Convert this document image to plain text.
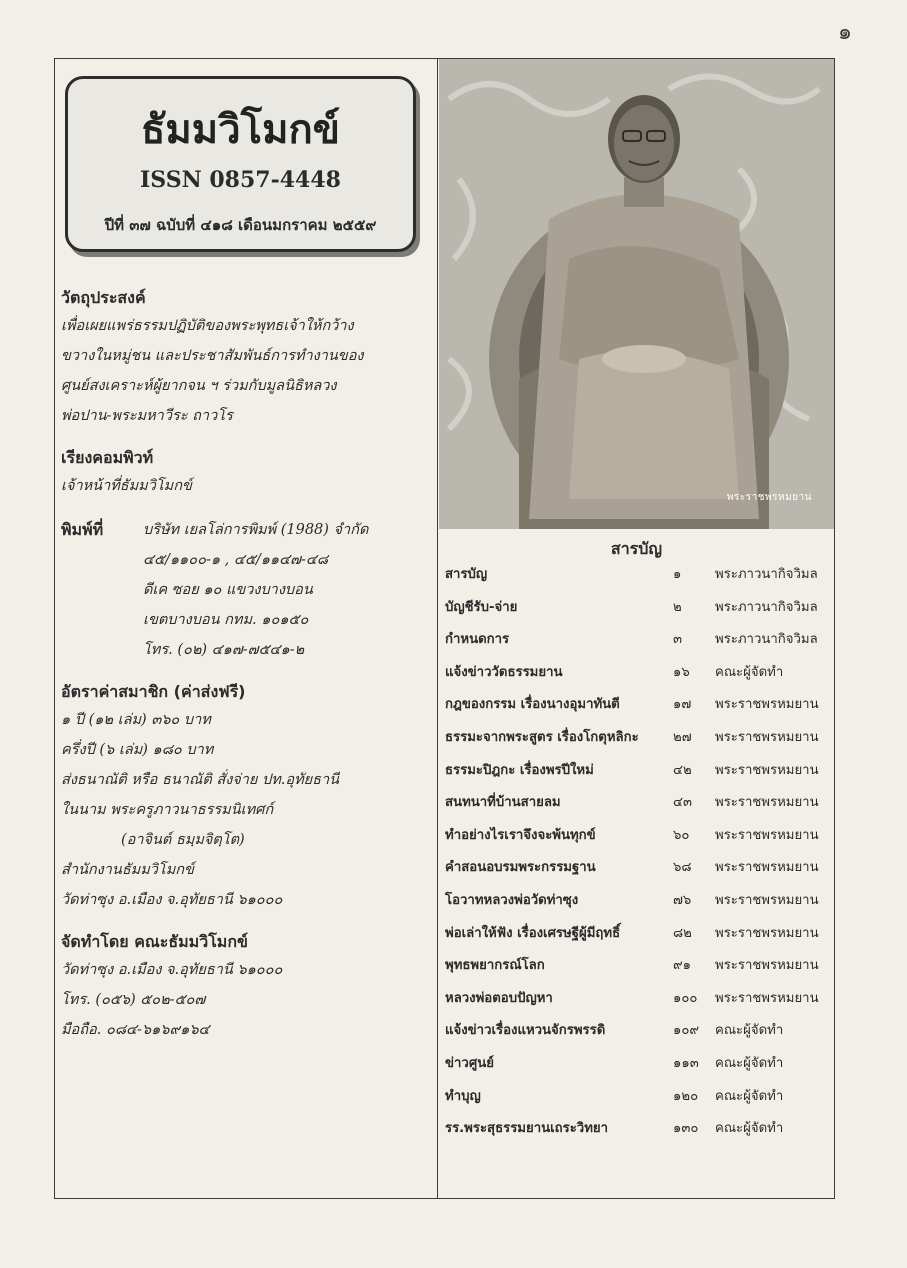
๑
ธัมมวิโมกข์
ISSN 0857-4448
ปีที่ ๓๗ ฉบับที่ ๔๑๘ เดือนมกราคม ๒๕๕๙

วัตถุประสงค์

เพื่อเผยแพร่ธรรมปฏิบัติของพระพุทธเจ้าให้กว้าง

ขวางในหมู่ชน และประชาสัมพันธ์การทำงานของ

ศูนย์สงเคราะห์ผู้ยากจน ฯ ร่วมกับมูลนิธิหลวง

พ่อปาน-พระมหาวีระ ถาวโร

เรียงคอมพิวท์

เจ้าหน้าที่ธัมมวิโมกข์

พิมพ์ที่	บริษัท เยลโล่การพิมพ์ (1988) จำกัด

๔๕/๑๑๐๐-๑ , ๔๕/๑๑๔๗-๔๘

ดีเค ซอย ๑๐ แขวงบางบอน

เขตบางบอน กทม. ๑๐๑๕๐

โทร. (๐๒) ๔๑๗-๗๕๔๑-๒

อัตราค่าสมาชิก (ค่าส่งฟรี)

๑ ปี (๑๒ เล่ม) ๓๖๐ บาท

ครึ่งปี (๖ เล่ม) ๑๘๐ บาท

ส่งธนาณัติ หรือ ธนาณัติ สั่งจ่าย ปท.อุทัยธานี

ในนาม พระครูภาวนาธรรมนิเทศก์

(อาจินต์ ธมฺมจิตฺโต)

สำนักงานธัมมวิโมกข์

วัดท่าซุง อ.เมือง จ.อุทัยธานี ๖๑๐๐๐

จัดทำโดย คณะธัมมวิโมกข์

วัดท่าซุง อ.เมือง จ.อุทัยธานี ๖๑๐๐๐

โทร. (๐๕๖) ๕๐๒-๕๐๗

มือถือ. ๐๘๔-๖๑๖๙๑๖๔

พระราชพรหมยาน
สารบัญ
สารบัญ	๑	พระภาวนากิจวิมล
บัญชีรับ-จ่าย	๒	พระภาวนากิจวิมล
กำหนดการ	๓	พระภาวนากิจวิมล
แจ้งข่าววัดธรรมยาน	๑๖	คณะผู้จัดทำ
กฎของกรรม เรื่องนางอุมาทันตี	๑๗	พระราชพรหมยาน
ธรรมะจากพระสูตร เรื่องโกตุหลิกะ	๒๗	พระราชพรหมยาน
ธรรมะปิฎกะ เรื่องพรปีใหม่	๔๒	พระราชพรหมยาน
สนทนาที่บ้านสายลม	๔๓	พระราชพรหมยาน
ทำอย่างไรเราจึงจะพ้นทุกข์	๖๐	พระราชพรหมยาน
คำสอนอบรมพระกรรมฐาน	๖๘	พระราชพรหมยาน
โอวาทหลวงพ่อวัดท่าซุง	๗๖	พระราชพรหมยาน
พ่อเล่าให้ฟัง เรื่องเศรษฐีผู้มีฤทธิ์	๘๒	พระราชพรหมยาน
พุทธพยากรณ์โลก	๙๑	พระราชพรหมยาน
หลวงพ่อตอบปัญหา	๑๐๐	พระราชพรหมยาน
แจ้งข่าวเรื่องแหวนจักรพรรดิ	๑๐๙	คณะผู้จัดทำ
ข่าวศูนย์	๑๑๓	คณะผู้จัดทำ
ทำบุญ	๑๒๐	คณะผู้จัดทำ
รร.พระสุธรรมยานเถระวิทยา	๑๓๐	คณะผู้จัดทำ
